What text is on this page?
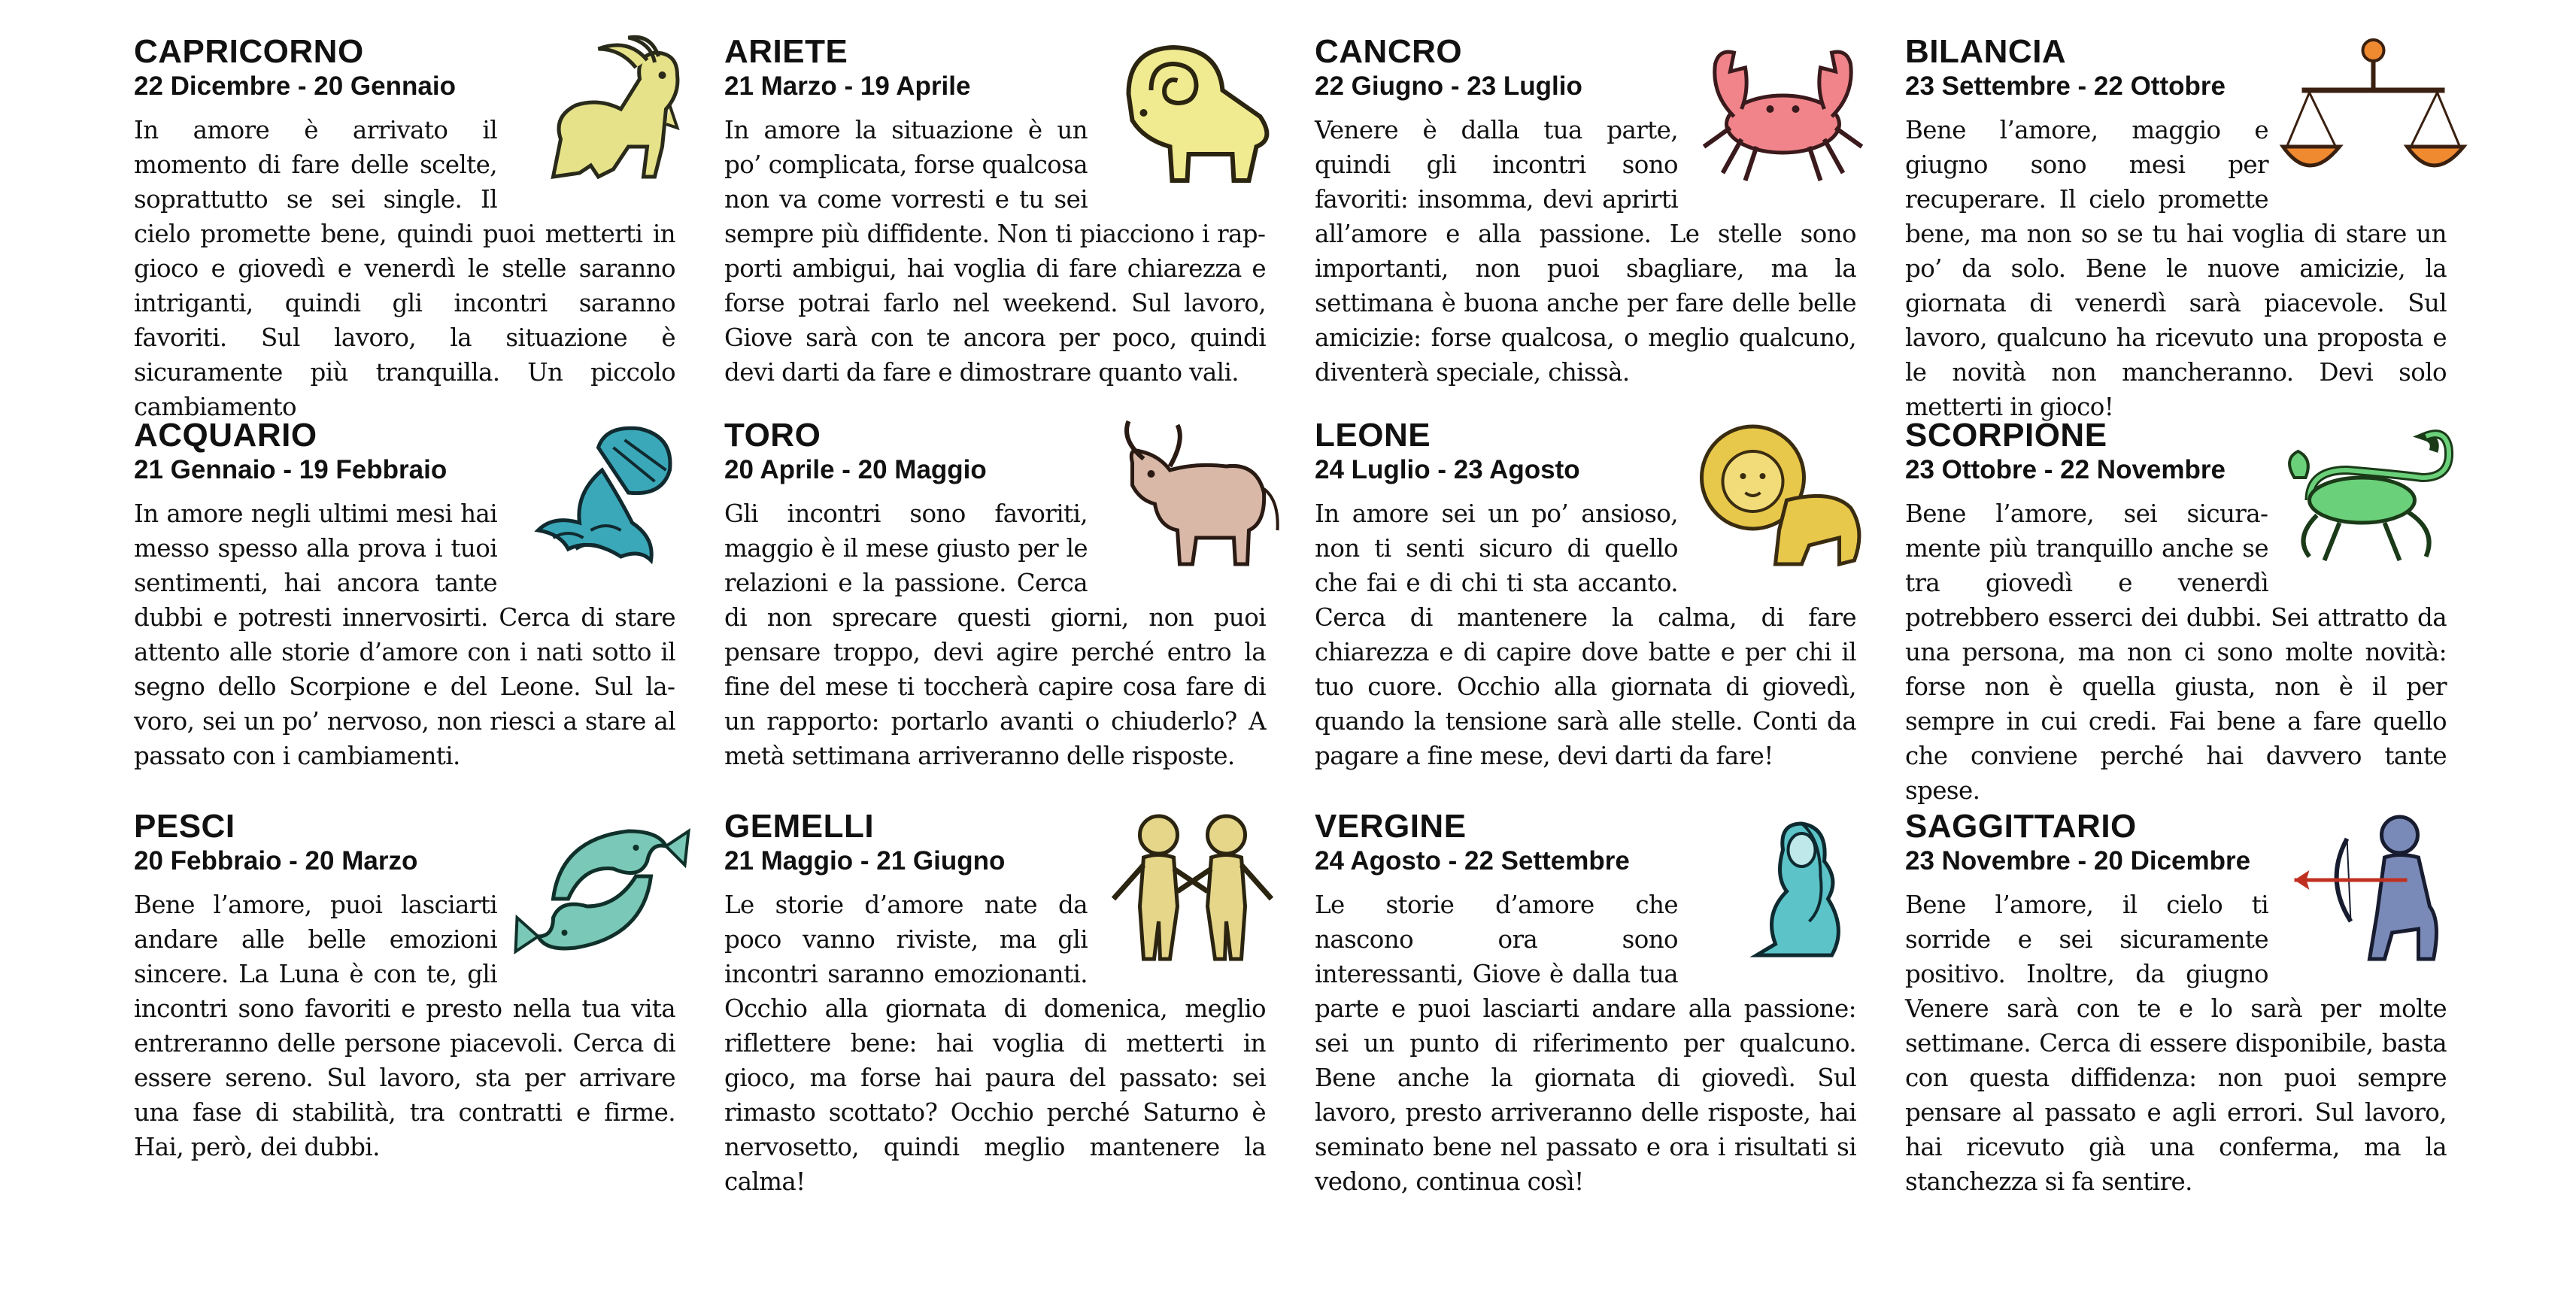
CAPRICORNO
22 Dicembre - 20 Gennaio

In amore è arrivato il momento di fare delle scelte, soprattutto se sei single. Il cielo promette bene, quindi puoi metterti in gioco e giovedì e venerdì le stelle saranno intriganti, quindi gli incontri saranno favoriti. Sul lavoro, la situazione è sicuramente più tranquilla. Un piccolo cambiamento

ARIETE
21 Marzo - 19 Aprile

In amore la situazione è un po’ complicata, forse qualcosa non va come vorresti e tu sei sempre più diffidente. Non ti piacciono i rapporti ambigui, hai voglia di fare chiarezza e forse potrai farlo nel weekend. Sul lavoro, Giove sarà con te ancora per poco, quindi devi darti da fare e dimostrare quanto vali.

CANCRO
22 Giugno - 23 Luglio

Venere è dalla tua parte, quindi gli incontri sono favoriti: insomma, devi aprirti all’amore e alla passione. Le stelle sono importanti, non puoi sbagliare, ma la settimana è buona anche per fare delle belle amicizie: forse qualcosa, o meglio qualcuno, diventerà speciale, chissà.

BILANCIA
23 Settembre - 22 Ottobre

Bene l’amore, maggio e giugno sono mesi per recuperare. Il cielo promette bene, ma non so se tu hai voglia di stare un po’ da solo. Bene le nuove amicizie, la giornata di venerdì sarà piacevole. Sul lavoro, qualcuno ha ricevuto una proposta e le novità non mancheranno. Devi solo metterti in gioco!

ACQUARIO
21 Gennaio - 19 Febbraio

In amore negli ultimi mesi hai messo spesso alla prova i tuoi sentimenti, hai ancora tante dubbi e potresti innervosirti. Cerca di stare attento alle storie d’amore con i nati sotto il segno dello Scorpione e del Leone. Sul lavoro, sei un po’ nervoso, non riesci a stare al passato con i cambiamenti.

TORO
20 Aprile - 20 Maggio

Gli incontri sono favoriti, maggio è il mese giusto per le relazioni e la passione. Cerca di non sprecare questi giorni, non puoi pensare troppo, devi agire perché entro la fine del mese ti toccherà capire cosa fare di un rapporto: portarlo avanti o chiuderlo? A metà settimana arriveranno delle risposte.

LEONE
24 Luglio - 23 Agosto

In amore sei un po’ ansioso, non ti senti sicuro di quello che fai e di chi ti sta accanto. Cerca di mantenere la calma, di fare chiarezza e di capire dove batte e per chi il tuo cuore. Occhio alla giornata di giovedì, quando la tensione sarà alle stelle. Conti da pagare a fine mese, devi darti da fare!

SCORPIONE
23 Ottobre - 22 Novembre

Bene l’amore, sei sicuramente più tranquillo anche se tra giovedì e venerdì potrebbero esserci dei dubbi. Sei attratto da una persona, ma non ci sono molte novità: forse non è quella giusta, non è il per sempre in cui credi. Fai bene a fare quello che conviene perché hai davvero tante spese.

PESCI
20 Febbraio - 20 Marzo

Bene l’amore, puoi lasciarti andare alle belle emozioni sincere. La Luna è con te, gli incontri sono favoriti e presto nella tua vita entreranno delle persone piacevoli. Cerca di essere sereno. Sul lavoro, sta per arrivare una fase di stabilità, tra contratti e firme. Hai, però, dei dubbi.

GEMELLI
21 Maggio - 21 Giugno

Le storie d’amore nate da poco vanno riviste, ma gli incontri saranno emozionanti. Occhio alla giornata di domenica, meglio riflettere bene: hai voglia di metterti in gioco, ma forse hai paura del passato: sei rimasto scottato? Occhio perché Saturno è nervosetto, quindi meglio mantenere la calma!

VERGINE
24 Agosto - 22 Settembre

Le storie d’amore che nascono ora sono interessanti, Giove è dalla tua parte e puoi lasciarti andare alla passione: sei un punto di riferimento per qualcuno. Bene anche la giornata di giovedì. Sul lavoro, presto arriveranno delle risposte, hai seminato bene nel passato e ora i risultati si vedono, continua così!

SAGGITTARIO
23 Novembre - 20 Dicembre

Bene l’amore, il cielo ti sorride e sei sicuramente positivo. Inoltre, da giugno Venere sarà con te e lo sarà per molte settimane. Cerca di essere disponibile, basta con questa diffidenza: non puoi sempre pensare al passato e agli errori. Sul lavoro, hai ricevuto già una conferma, ma la stanchezza si fa sentire.
